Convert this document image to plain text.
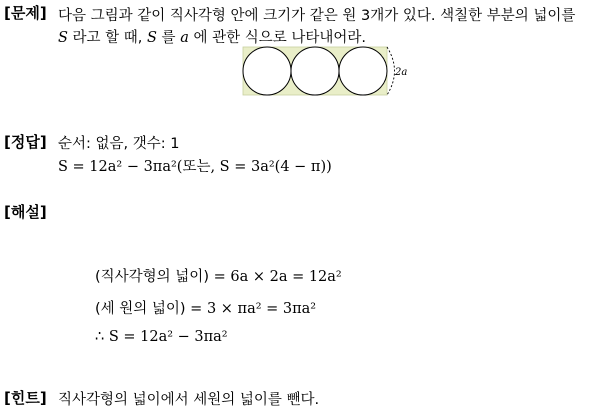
[문제] 다음 그림과 같이 직사각형 안에 크기가 같은 원 3개가 있다. 색칠한 부분의 넓이를
S 라고 할 때, S 를 a 에 관한 식으로 나타내어라.
2a
[정답] 순서: 없음, 갯수: 1
S = 12a² − 3πa²(또는, S = 3a²(4 − π))
[해설]
(직사각형의 넓이) = 6a × 2a = 12a²
(세 원의 넓이) = 3 × πa² = 3πa²
∴ S = 12a² − 3πa²
[힌트] 직사각형의 넓이에서 세원의 넓이를 뺀다.
